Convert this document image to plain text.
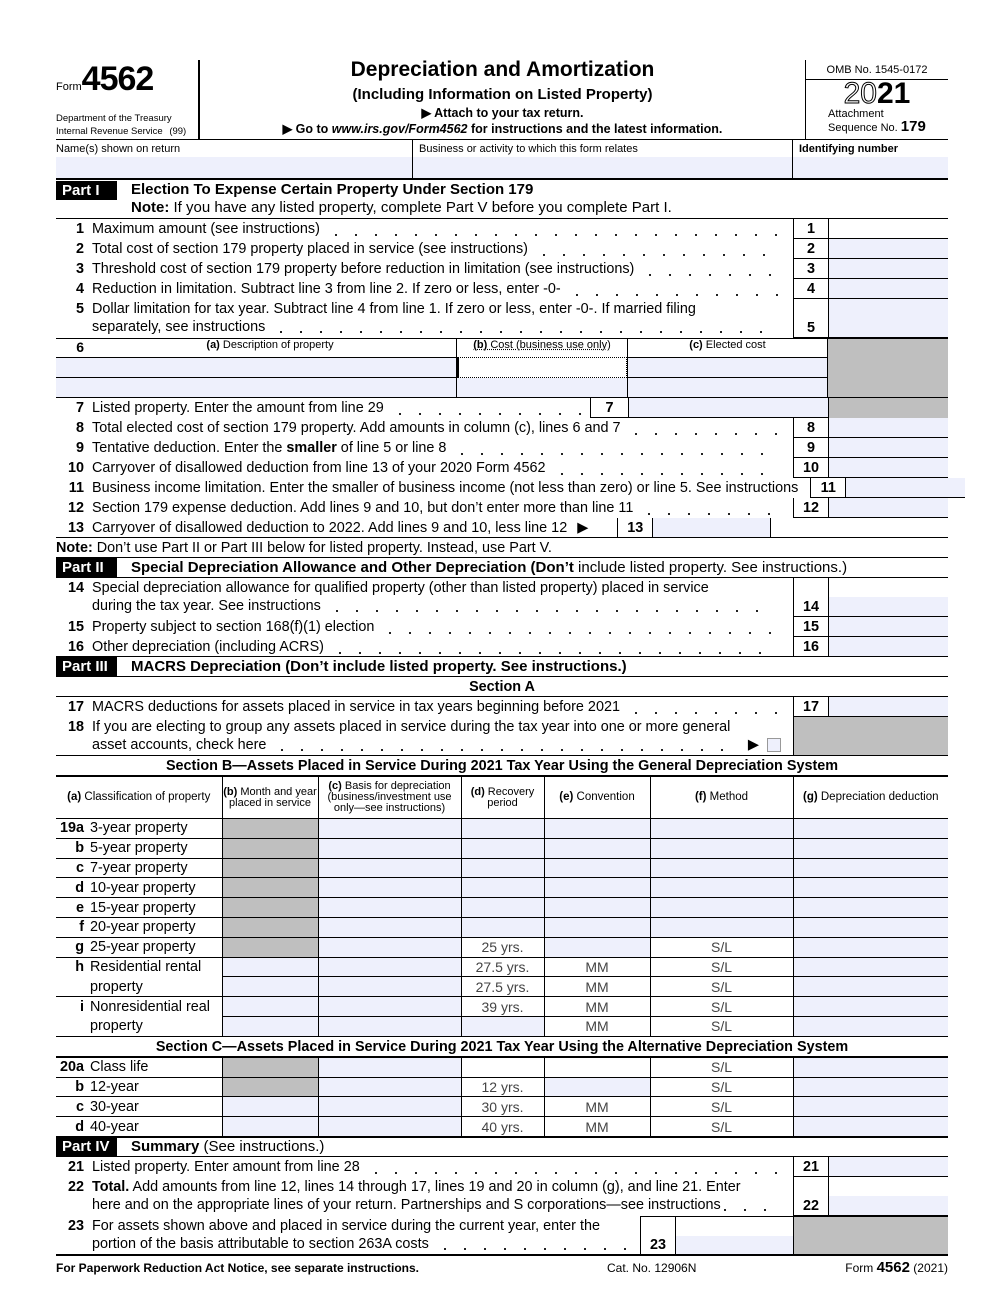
Form4562
Department of the Treasury
Internal Revenue Service (99)
Depreciation and Amortization
(Including Information on Listed Property)
▶ Attach to your tax return.
▶ Go to www.irs.gov/Form4562 for instructions and the latest information.
OMB No. 1545-0172
2021
Attachment
Sequence No. 179
Name(s) shown on return	Business or activity to which this form relates	Identifying number
Part I	Election To Expense Certain Property Under Section 179
Note: If you have any listed property, complete Part V before you complete Part I.
1 Maximum amount (see instructions)	1
2 Total cost of section 179 property placed in service (see instructions)	2
3 Threshold cost of section 179 property before reduction in limitation (see instructions)	3
4 Reduction in limitation. Subtract line 3 from line 2. If zero or less, enter -0-	4
5 Dollar limitation for tax year. Subtract line 4 from line 1. If zero or less, enter -0-. If married filing
separately, see instructions	5
6	(a) Description of property	(b) Cost (business use only)	(c) Elected cost
7 Listed property. Enter the amount from line 29	7
8 Total elected cost of section 179 property. Add amounts in column (c), lines 6 and 7	8
9 Tentative deduction. Enter the smaller of line 5 or line 8	9
10 Carryover of disallowed deduction from line 13 of your 2020 Form 4562	10
11 Business income limitation. Enter the smaller of business income (not less than zero) or line 5. See instructions	11
12 Section 179 expense deduction. Add lines 9 and 10, but don’t enter more than line 11	12
13 Carryover of disallowed deduction to 2022. Add lines 9 and 10, less line 12 ▶	13
Note: Don’t use Part II or Part III below for listed property. Instead, use Part V.
Part II	Special Depreciation Allowance and Other Depreciation (Don’t include listed property. See instructions.)
14 Special depreciation allowance for qualified property (other than listed property) placed in service
during the tax year. See instructions	14
15 Property subject to section 168(f)(1) election	15
16 Other depreciation (including ACRS)	16
Part III	MACRS Depreciation (Don’t include listed property. See instructions.)
Section A
17 MACRS deductions for assets placed in service in tax years beginning before 2021	17
18 If you are electing to group any assets placed in service during the tax year into one or more general
asset accounts, check here	▶
Section B—Assets Placed in Service During 2021 Tax Year Using the General Depreciation System
(a) Classification of property	(b) Month and year placed in service	(c) Basis for depreciation (business/investment use only—see instructions)	(d) Recovery period	(e) Convention	(f) Method	(g) Depreciation deduction
19a 3-year property						
b 5-year property						
c 7-year property						
d 10-year property						
e 15-year property						
f 20-year property						
g 25-year property			25 yrs.		S/L	
h Residential rental			27.5 yrs.	MM	S/L	
property			27.5 yrs.	MM	S/L	
i Nonresidential real			39 yrs.	MM	S/L	
property				MM	S/L	
Section C—Assets Placed in Service During 2021 Tax Year Using the Alternative Depreciation System
20a Class life					S/L	
b 12-year			12 yrs.		S/L	
c 30-year			30 yrs.	MM	S/L	
d 40-year			40 yrs.	MM	S/L	
Part IV	Summary (See instructions.)
21 Listed property. Enter amount from line 28	21
22 Total. Add amounts from line 12, lines 14 through 17, lines 19 and 20 in column (g), and line 21. Enter
here and on the appropriate lines of your return. Partnerships and S corporations—see instructions	22
23 For assets shown above and placed in service during the current year, enter the
portion of the basis attributable to section 263A costs	23
For Paperwork Reduction Act Notice, see separate instructions.	Cat. No. 12906N	Form 4562 (2021)
